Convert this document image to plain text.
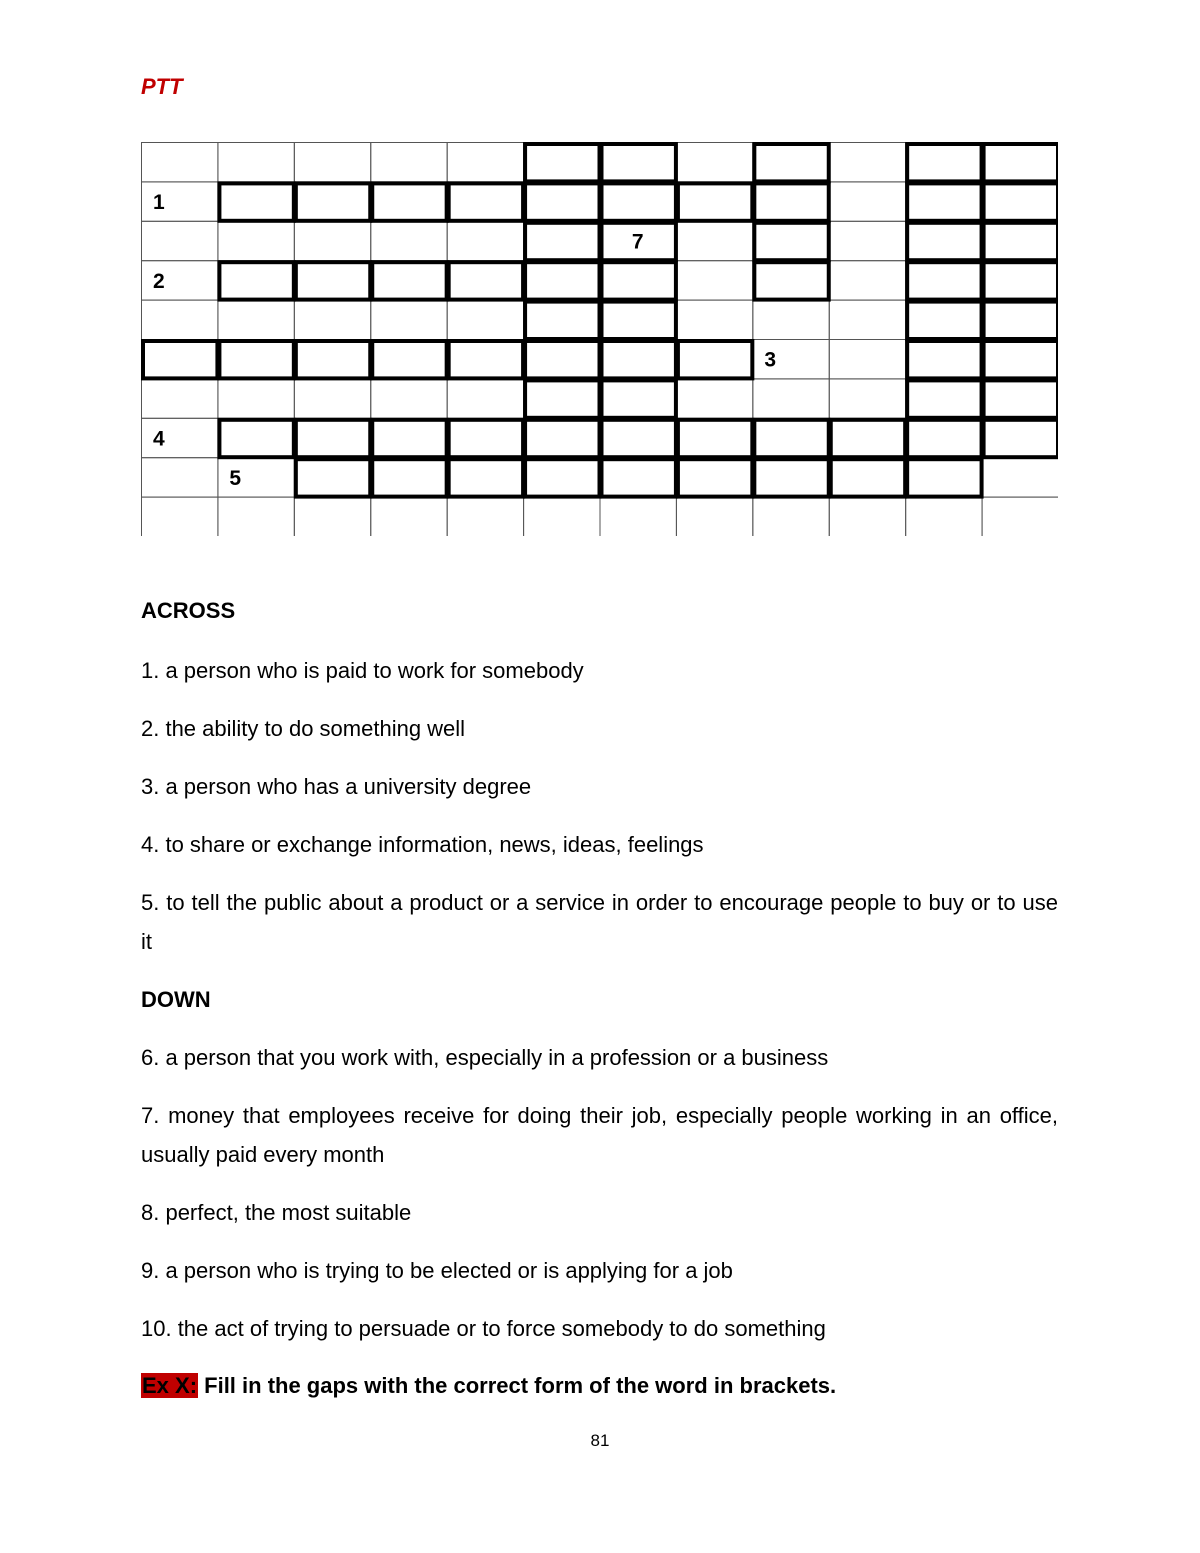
PTT
1
7
2
3
4
5
ACROSS
1. a person who is paid to work for somebody
2. the ability to do something well
3. a person who has a university degree
4. to share or exchange information, news, ideas, feelings
5. to tell the public about a product or a service in order to encourage people to buy or to use it
DOWN
6. a person that you work with, especially in a profession or a business
7. money that employees receive for doing their job, especially people working in an office, usually paid every month
8. perfect, the most suitable
9. a person who is trying to be elected or is applying for a job
10. the act of trying to persuade or to force somebody to do something
Ex X: Fill in the gaps with the correct form of the word in brackets.
81
